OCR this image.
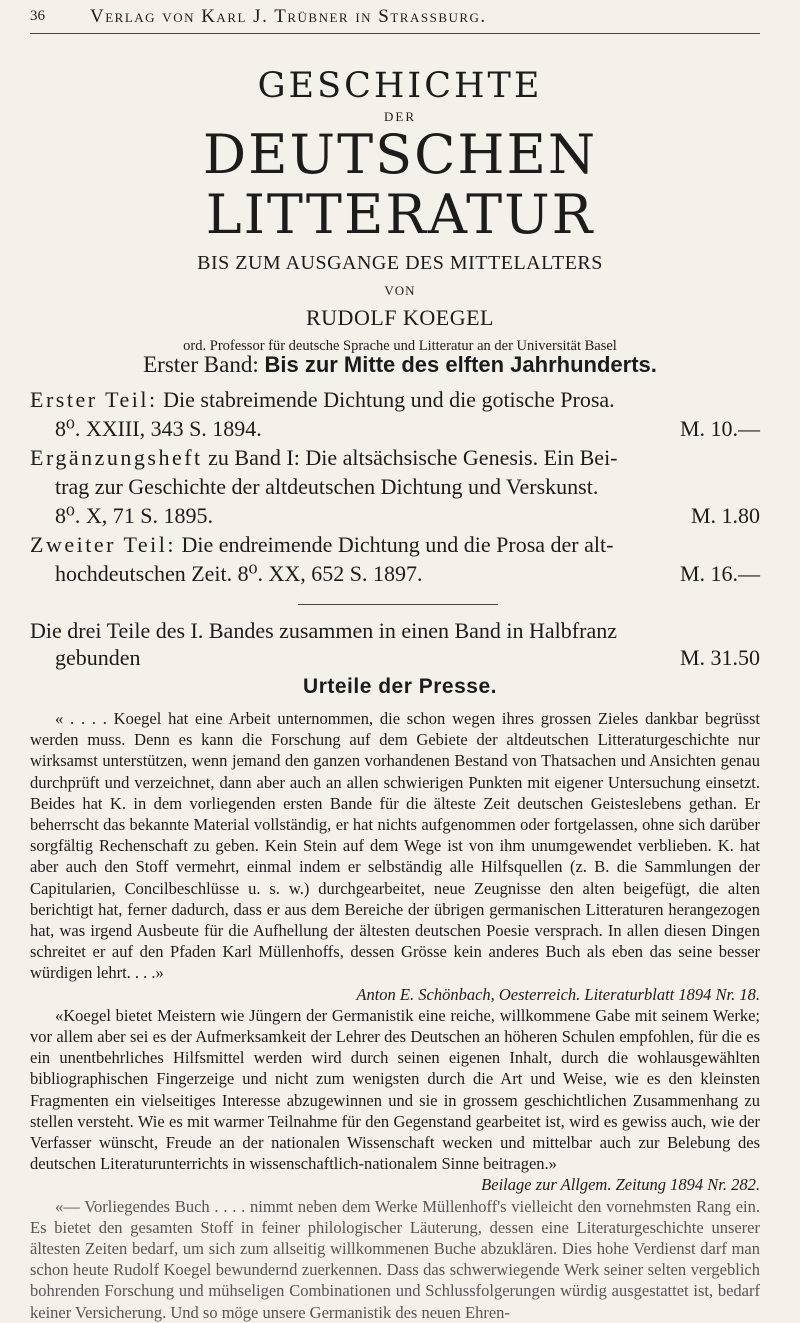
36 Verlag von Karl J. Trübner in Strassburg.
GESCHICHTE
DER
DEUTSCHEN LITTERATUR
BIS ZUM AUSGANGE DES MITTELALTERS
VON
RUDOLF KOEGEL
ord. Professor für deutsche Sprache und Litteratur an der Universität Basel
Erster Band: Bis zur Mitte des elften Jahrhunderts.
Erster Teil: Die stabreimende Dichtung und die gotische Prosa.
8⁰. XXIII, 343 S. 1894.	M. 10.—
Ergänzungsheft zu Band I: Die altsächsische Genesis. Ein Bei-
trag zur Geschichte der altdeutschen Dichtung und Verskunst.
8⁰. X, 71 S. 1895.	M. 1.80
Zweiter Teil: Die endreimende Dichtung und die Prosa der alt-
hochdeutschen Zeit. 8⁰. XX, 652 S. 1897.	M. 16.—
Die drei Teile des I. Bandes zusammen in einen Band in Halbfranz
gebunden	M. 31.50
Urteile der Presse.

« . . . . Koegel hat eine Arbeit unternommen, die schon wegen ihres grossen Zieles dankbar begrüsst werden muss. Denn es kann die Forschung auf dem Gebiete der altdeutschen Litteraturgeschichte nur wirksamst unterstützen, wenn jemand den ganzen vorhandenen Bestand von Thatsachen und Ansichten genau durchprüft und verzeichnet, dann aber auch an allen schwierigen Punkten mit eigener Untersuchung einsetzt. Beides hat K. in dem vorliegenden ersten Bande für die älteste Zeit deutschen Geisteslebens gethan. Er beherrscht das bekannte Material vollständig, er hat nichts aufgenommen oder fortgelassen, ohne sich darüber sorgfältig Rechenschaft zu geben. Kein Stein auf dem Wege ist von ihm unumgewendet verblieben. K. hat aber auch den Stoff vermehrt, einmal indem er selbständig alle Hilfsquellen (z. B. die Sammlungen der Capitularien, Concilbeschlüsse u. s. w.) durchgearbeitet, neue Zeugnisse den alten beigefügt, die alten berichtigt hat, ferner dadurch, dass er aus dem Bereiche der übrigen germanischen Litteraturen herangezogen hat, was irgend Ausbeute für die Aufhellung der ältesten deutschen Poesie versprach. In allen diesen Dingen schreitet er auf den Pfaden Karl Müllenhoffs, dessen Grösse kein anderes Buch als eben das seine besser würdigen lehrt. . . .»

Anton E. Schönbach, Oesterreich. Literaturblatt 1894 Nr. 18.

«Koegel bietet Meistern wie Jüngern der Germanistik eine reiche, willkommene Gabe mit seinem Werke; vor allem aber sei es der Aufmerksamkeit der Lehrer des Deutschen an höheren Schulen empfohlen, für die es ein unentbehrliches Hilfsmittel werden wird durch seinen eigenen Inhalt, durch die wohlausgewählten bibliographischen Fingerzeige und nicht zum wenigsten durch die Art und Weise, wie es den kleinsten Fragmenten ein vielseitiges Interesse abzugewinnen und sie in grossem geschichtlichen Zusammenhang zu stellen versteht. Wie es mit warmer Teilnahme für den Gegenstand gearbeitet ist, wird es gewiss auch, wie der Verfasser wünscht, Freude an der nationalen Wissenschaft wecken und mittelbar auch zur Belebung des deutschen Literaturunterrichts in wissenschaftlich-nationalem Sinne beitragen.»

Beilage zur Allgem. Zeitung 1894 Nr. 282.

«— Vorliegendes Buch . . . . nimmt neben dem Werke Müllenhoff's vielleicht den vornehmsten Rang ein. Es bietet den gesamten Stoff in feiner philologischer Läuterung, dessen eine Literaturgeschichte unserer ältesten Zeiten bedarf, um sich zum allseitig willkommenen Buche abzuklären. Dies hohe Verdienst darf man schon heute Rudolf Koegel bewundernd zuerkennen. Dass das schwerwiegende Werk seiner selten vergeblich bohrenden Forschung und mühseligen Combinationen und Schlussfolgerungen würdig ausgestattet ist, bedarf keiner Versicherung. Und so möge unsere Germanistik des neuen Ehren-
